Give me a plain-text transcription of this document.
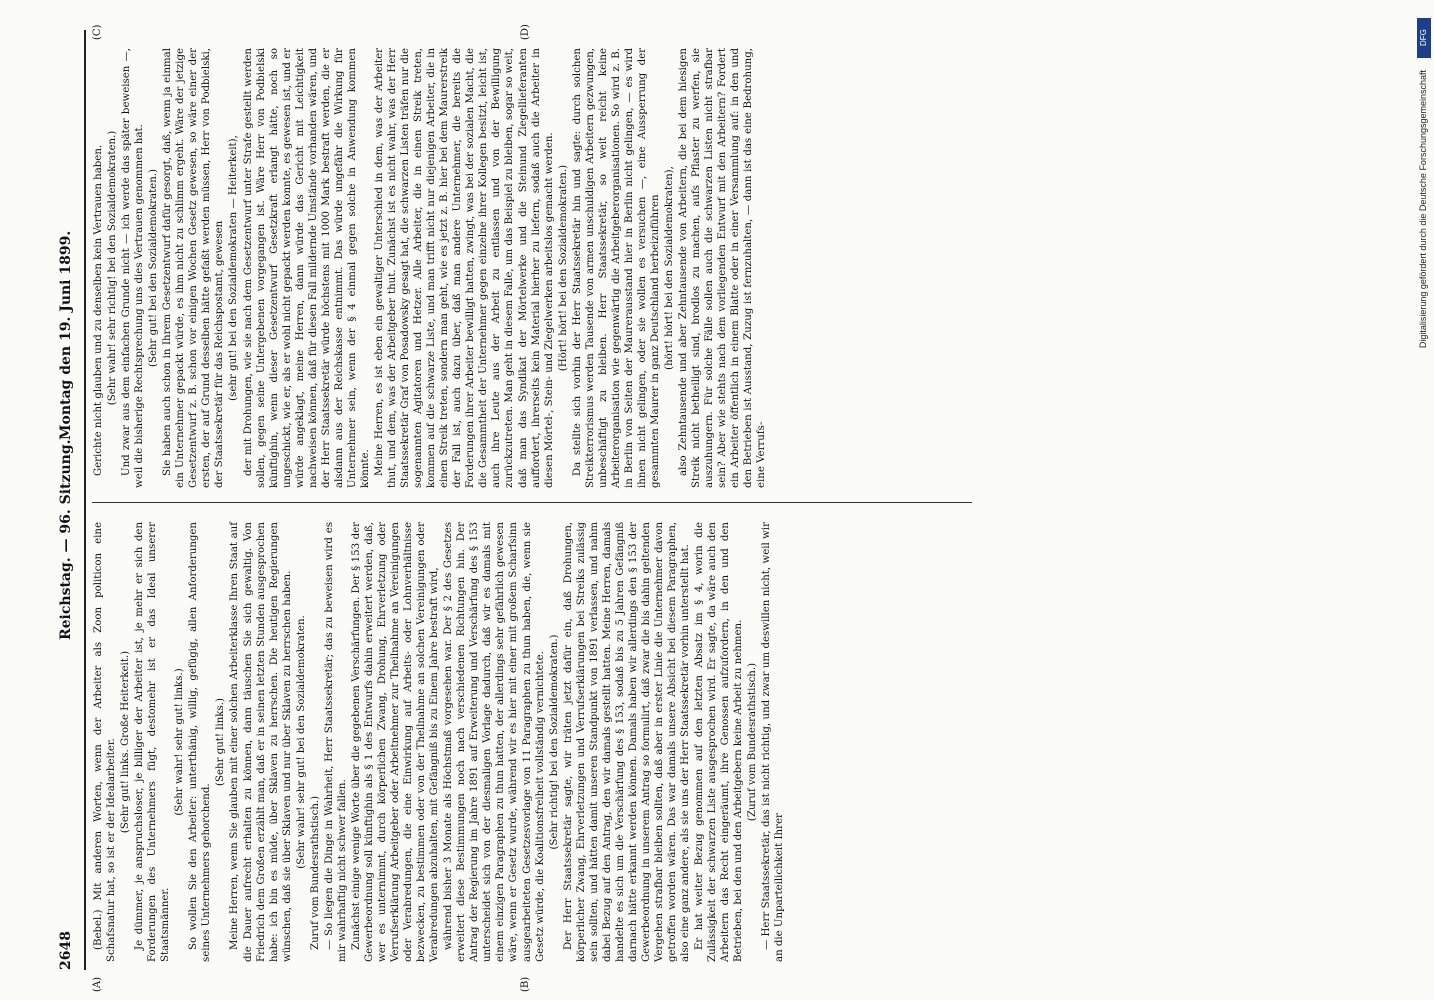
2648
Reichstag. — 96. Sitzung.
Montag den 19. Juni 1899.
(A)	(B)
(C)	(D)

(Bebel.) Mit anderen Worten, wenn der Arbeiter als Zoon politicon eine Schafsnatur hat, so ist er der Idealarbeiter. (Sehr gut! links. Große Heiterkeit.) Je dümmer, je anspruchsloser, je billiger der Arbeiter ist, je mehr er sich den Forderungen des Unternehmers fügt, destomehr ist er das Ideal unserer Staatsmänner.

(Sehr wahr! sehr gut! links.) So wollen Sie den Arbeiter: unterthänig, willig, gefügig, allen Anforderungen seines Unternehmers gehorchend.

(Sehr gut! links.) Meine Herren, wenn Sie glauben mit einer solchen Arbeiterklasse Ihren Staat auf die Dauer aufrecht erhalten zu können, dann täuschen Sie sich gewaltig. Von Friedrich dem Großen erzählt man, daß er in seinen letzten Stunden ausgesprochen habe: ich bin es müde, über Sklaven zu herrschen. Die heutigen Regierungen wünschen, daß sie über Sklaven und nur über Sklaven zu herrschen haben. (Sehr wahr! sehr gut! bei den Sozialdemokraten.

Zuruf vom Bundesrathstisch.) — So liegen die Dinge in Wahrheit, Herr Staatssekretär; das zu beweisen wird es mir wahrhaftig nicht schwer fallen. Zunächst einige wenige Worte über die gegebenen Verschärfungen. Der § 153 der Gewerbeordnung soll künftighin als § 1 des Entwurfs dahin erweitert werden, daß, wer es unternimmt, durch körperlichen Zwang, Drohung, Ehrverletzung oder Verrufserklärung Arbeitgeber oder Arbeitnehmer zur Theilnahme an Vereinigungen oder Verabredungen, die eine Einwirkung auf Arbeits- oder Lohnverhältnisse bezwecken, zu bestimmen oder von der Theilnahme an solchen Vereinigungen oder Verabredungen abzuhalten, mit Gefängniß bis zu Einem Jahre bestraft wird, während bisher 3 Monate als Höchstmaß vorgesehen war. Der § 2 des Gesetzes erweitert diese Bestimmungen noch nach verschiedenen Richtungen hin. Der Antrag der Regierung im Jahre 1891 auf Erweiterung und Verschärfung des § 153 unterscheidet sich von der diesmaligen Vorlage dadurch, daß wir es damals mit einem einzigen Paragraphen zu thun hatten, der allerdings sehr gefährlich gewesen wäre, wenn er Gesetz wurde, während wir es hier mit einer mit großem Scharfsinn ausgearbeiteten Gesetzesvorlage von 11 Paragraphen zu thun haben, die, wenn sie Gesetz würde, die Koalitionsfreiheit vollständig vernichtete. (Sehr richtig! bei den Sozialdemokraten.) Der Herr Staatssekretär sagte, wir träten jetzt dafür ein, daß Drohungen, körperlicher Zwang, Ehrverletzungen und Verrufserklärungen bei Streiks zulässig sein sollten, und hätten damit unseren Standpunkt von 1891 verlassen, und nahm dabei Bezug auf den Antrag, den wir damals gestellt hatten. Meine Herren, damals handelte es sich um die Verschärfung des § 153, sodaß bis zu 5 Jahren Gefängniß darnach hätte erkannt werden können. Damals haben wir allerdings den § 153 der Gewerbeordnung in unserem Antrag so formulirt, daß zwar die bis dahin geltenden Vergehen strafbar bleiben sollten, daß aber in erster Linie die Unternehmer davon getroffen worden wären. Das war damals unsere Absicht bei diesem Paragraphen, also eine ganz andere, als sie uns der Herr Staatssekretär vorhin unterstellt hat. Er hat weiter Bezug genommen auf den letzten Absatz im § 4, worin die Zulässigkeit der schwarzen Liste ausgesprochen wird. Er sagte, da wäre auch den Arbeitern das Recht eingeräumt, ihre Genossen aufzufordern, in den und den Betrieben, bei den und den Arbeitgebern keine Arbeit zu nehmen. (Zuruf vom Bundesrathstisch.) — Herr Staatssekretär, das ist nicht richtig, und zwar um deswillen nicht, weil wir an die Unparteilichkeit Ihrer

Gerichte nicht glauben und zu denselben kein Vertrauen haben. (Sehr wahr! sehr richtig! bei den Sozialdemokraten.) Und zwar aus dem einfachen Grunde nicht — ich werde das später beweisen —, weil die bisherige Rechtsprechung uns dies Vertrauen genommen hat. (Sehr gut! bei den Sozialdemokraten.) Sie haben auch schon in Ihrem Gesetzentwurf dafür gesorgt, daß, wenn ja einmal ein Unternehmer gepackt würde, es ihm nicht zu schlimm ergeht. Wäre der jetzige Gesetzentwurf z. B. schon vor einigen Wochen Gesetz gewesen, so wäre einer der ersten, der auf Grund desselben hätte gefaßt werden müssen, Herr von Podbielski, der Staatssekretär für das Reichspostamt, gewesen (sehr gut! bei den Sozialdemokraten — Heiterkeit), der mit Drohungen, wie sie nach dem Gesetzentwurf unter Strafe gestellt werden sollen, gegen seine Untergebenen vorgegangen ist. Wäre Herr von Podbielski künftighin, wenn dieser Gesetzentwurf Gesetzkraft erlangt hätte, noch so ungeschickt, wie er, als er wohl nicht gepackt werden konnte, es gewesen ist, und er würde angeklagt, meine Herren, dann würde das Gericht mit Leichtigkeit nachweisen können, daß für diesen Fall mildernde Umstände vorhanden wären, und der Herr Staatssekretär würde höchstens mit 1000 Mark bestraft werden, die er alsdann aus der Reichskasse entnimmt. Das würde ungefähr die Wirkung für Unternehmer sein, wenn der § 4 einmal gegen solche in Anwendung kommen könnte. Meine Herren, es ist eben ein gewaltiger Unterschied in dem, was der Arbeiter thut, und dem, was der Arbeitgeber thut. Zunächst ist es nicht wahr, was der Herr Staatssekretär Graf von Posadowsky gesagt hat, die schwarzen Listen träfen nur die sogenannten Agitatoren und Hetzer. Alle Arbeiter, die in einen Streik treten, kommen auf die schwarze Liste, und man trifft nicht nur diejenigen Arbeiter, die in einen Streik treten, sondern man geht, wie es jetzt z. B. hier bei dem Maurerstreik der Fall ist, auch dazu über, daß man andere Unternehmer, die bereits die Forderungen ihrer Arbeiter bewilligt hatten, zwingt, was bei der sozialen Macht, die die Gesammtheit der Unternehmer gegen einzelne ihrer Kollegen besitzt, leicht ist, auch ihre Leute aus der Arbeit zu entlassen und von der Bewilligung zurückzutreten. Man geht in diesem Falle, um das Beispiel zu bleiben, sogar so weit, daß man das Syndikat der Mörtelwerke und die Steinund Ziegellieferanten auffordert, ihrerseits kein Material hierher zu liefern, sodaß auch die Arbeiter in diesen Mörtel-, Stein- und Ziegelwerken arbeitslos gemacht werden. (Hört! hört! bei den Sozialdemokraten.) Da stellte sich vorhin der Herr Staatssekretär hin und sagte: durch solchen Streikterrorismus werden Tausende von armen unschuldigen Arbeitern gezwungen, unbeschäftigt zu bleiben. Herr Staatssekretär, so weit reicht keine Arbeiterorganisation wie gegenwärtig die Arbeitgeberorganisationen. So wird z. B. in Berlin von Seiten der Maurerausstand hier in Berlin nicht gelingen, — es wird ihnen nicht gelingen, oder sie wollen es versuchen —, eine Aussperrung der gesammten Maurer in ganz Deutschland herbeizuführen (hört! hört! bei den Sozialdemokraten), also Zehntausende und aber Zehntausende von Arbeitern, die bei dem hiesigen Streik nicht betheiligt sind, brodlos zu machen, aufs Pflaster zu werfen, sie auszuhungern. Für solche Fälle sollen auch die schwarzen Listen nicht strafbar sein? Aber wie stehts nach dem vorliegenden Entwurf mit den Arbeitern? Fordert ein Arbeiter öffentlich in einem Blatte oder in einer Versammlung auf: in den und den Betrieben ist Ausstand, Zuzug ist fernzuhalten, — dann ist das eine Bedrohung, eine Verrufs-

DFG
Digitalisierung gefördert durch die Deutsche Forschungsgemeinschaft
